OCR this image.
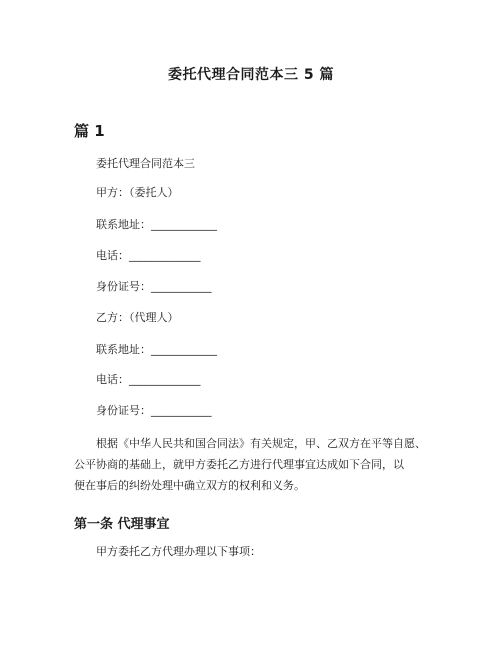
委托代理合同范本三 5 篇
篇 1
委托代理合同范本三
甲方：（委托人）
联系地址：____________
电话：_____________
身份证号：___________
乙方：（代理人）
联系地址：____________
电话：_____________
身份证号：___________
根据《中华人民共和国合同法》有关规定，甲、乙双方在平等自愿、
公平协商的基础上，就甲方委托乙方进行代理事宜达成如下合同，以
便在事后的纠纷处理中确立双方的权利和义务。
第一条 代理事宜
甲方委托乙方代理办理以下事项：
